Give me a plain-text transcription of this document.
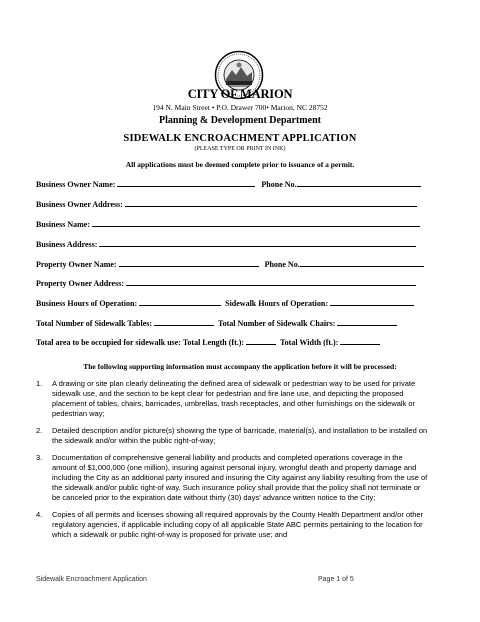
CITY OF MARION
194 N. Main Street • P.O. Drawer 700• Marion, NC 28752
Planning & Development Department
SIDEWALK ENCROACHMENT APPLICATION
(PLEASE TYPE OR PRINT IN INK)
All applications must be deemed complete prior to issuance of a permit.
Business Owner Name:	Phone No.
Business Owner Address:
Business Name:
Business Address:
Property Owner Name:	Phone No.
Property Owner Address:
Business Hours of Operation:	Sidewalk Hours of Operation:
Total Number of Sidewalk Tables:	Total Number of Sidewalk Chairs:
Total area to be occupied for sidewalk use: Total Length (ft.):	Total Width (ft.):
The following supporting information must accompany the application before it will be processed:
1. A drawing or site plan clearly delineating the defined area of sidewalk or pedestrian way to be used for private sidewalk use, and the section to be kept clear for pedestrian and fire lane use, and depicting the proposed placement of tables, chairs, barricades, umbrellas, trash receptacles, and other furnishings on the sidewalk or pedestrian way;
2. Detailed description and/or picture(s) showing the type of barricade, material(s), and installation to be installed on the sidewalk and/or within the public right-of-way;
3. Documentation of comprehensive general liability and products and completed operations coverage in the amount of $1,000,000 (one million), insuring against personal injury, wrongful death and property damage and including the City as an additional party insured and insuring the City against any liability resulting from the use of the sidewalk and/or public right-of way. Such insurance policy shall provide that the policy shall not terminate or be canceled prior to the expiration date without thirty (30) days' advance written notice to the City;
4. Copies of all permits and licenses showing all required approvals by the County Health Department and/or other regulatory agencies, if applicable including copy of all applicable State ABC permits pertaining to the location for which a sidewalk or public right-of-way is proposed for private use; and
Sidewalk Encroachment Application	Page 1 of 5
